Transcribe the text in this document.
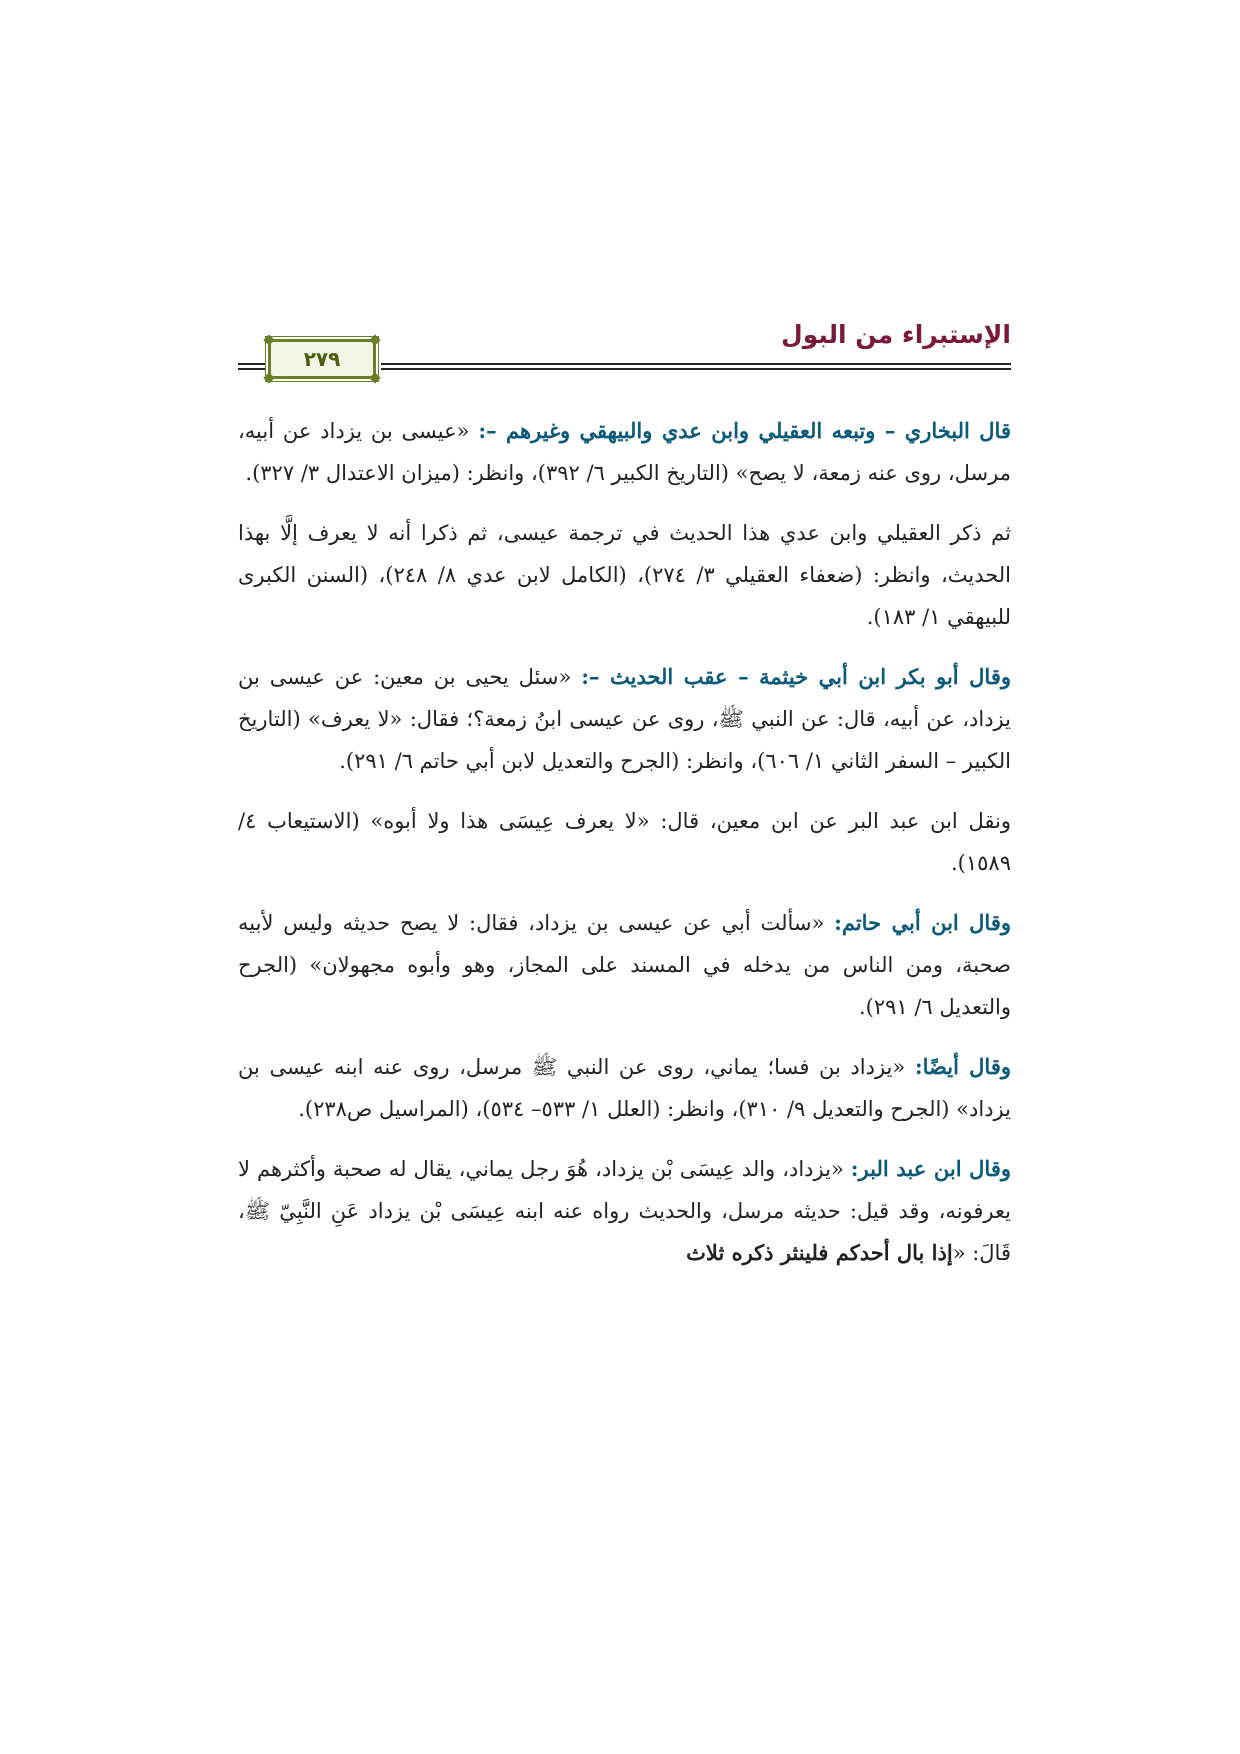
الإستبراء من البول
٢٧٩

قال البخاري – وتبعه العقيلي وابن عدي والبيهقي وغيرهم –: «عيسى بن يزداد عن أبيه، مرسل، روى عنه زمعة، لا يصح» (التاريخ الكبير ٦/ ٣٩٢)، وانظر: (ميزان الاعتدال ٣/ ٣٢٧).

ثم ذكر العقيلي وابن عدي هذا الحديث في ترجمة عيسى، ثم ذكرا أنه لا يعرف إلَّا بهذا الحديث، وانظر: (ضعفاء العقيلي ٣/ ٢٧٤)، (الكامل لابن عدي ٨/ ٢٤٨)، (السنن الكبرى للبيهقي ١/ ١٨٣).

وقال أبو بكر ابن أبي خيثمة – عقب الحديث –: «سئل يحيى بن معين: عن عيسى بن يزداد، عن أبيه، قال: عن النبي ﷺ، روى عن عيسى ابنُ زمعة؟؛ فقال: «لا يعرف» (التاريخ الكبير – السفر الثاني ١/ ٦٠٦)، وانظر: (الجرح والتعديل لابن أبي حاتم ٦/ ٢٩١).

ونقل ابن عبد البر عن ابن معين، قال: «لا يعرف عِيسَى هذا ولا أبوه» (الاستيعاب ٤/ ١٥٨٩).

وقال ابن أبي حاتم: «سألت أبي عن عيسى بن يزداد، فقال: لا يصح حديثه وليس لأبيه صحبة، ومن الناس من يدخله في المسند على المجاز، وهو وأبوه مجهولان» (الجرح والتعديل ٦/ ٢٩١).

وقال أيضًا: «يزداد بن فسا؛ يماني، روى عن النبي ﷺ مرسل، روى عنه ابنه عيسى بن يزداد» (الجرح والتعديل ٩/ ٣١٠)، وانظر: (العلل ١/ ٥٣٣– ٥٣٤)، (المراسيل ص٢٣٨).

وقال ابن عبد البر: «يزداد، والد عِيسَى بْن يزداد، هُوَ رجل يماني، يقال له صحبة وأكثرهم لا يعرفونه، وقد قيل: حديثه مرسل، والحديث رواه عنه ابنه عِيسَى بْن يزداد عَنِ النَّبِيّ ﷺ، قَالَ: «إذا بال أحدكم فلينثر ذكره ثلاث
